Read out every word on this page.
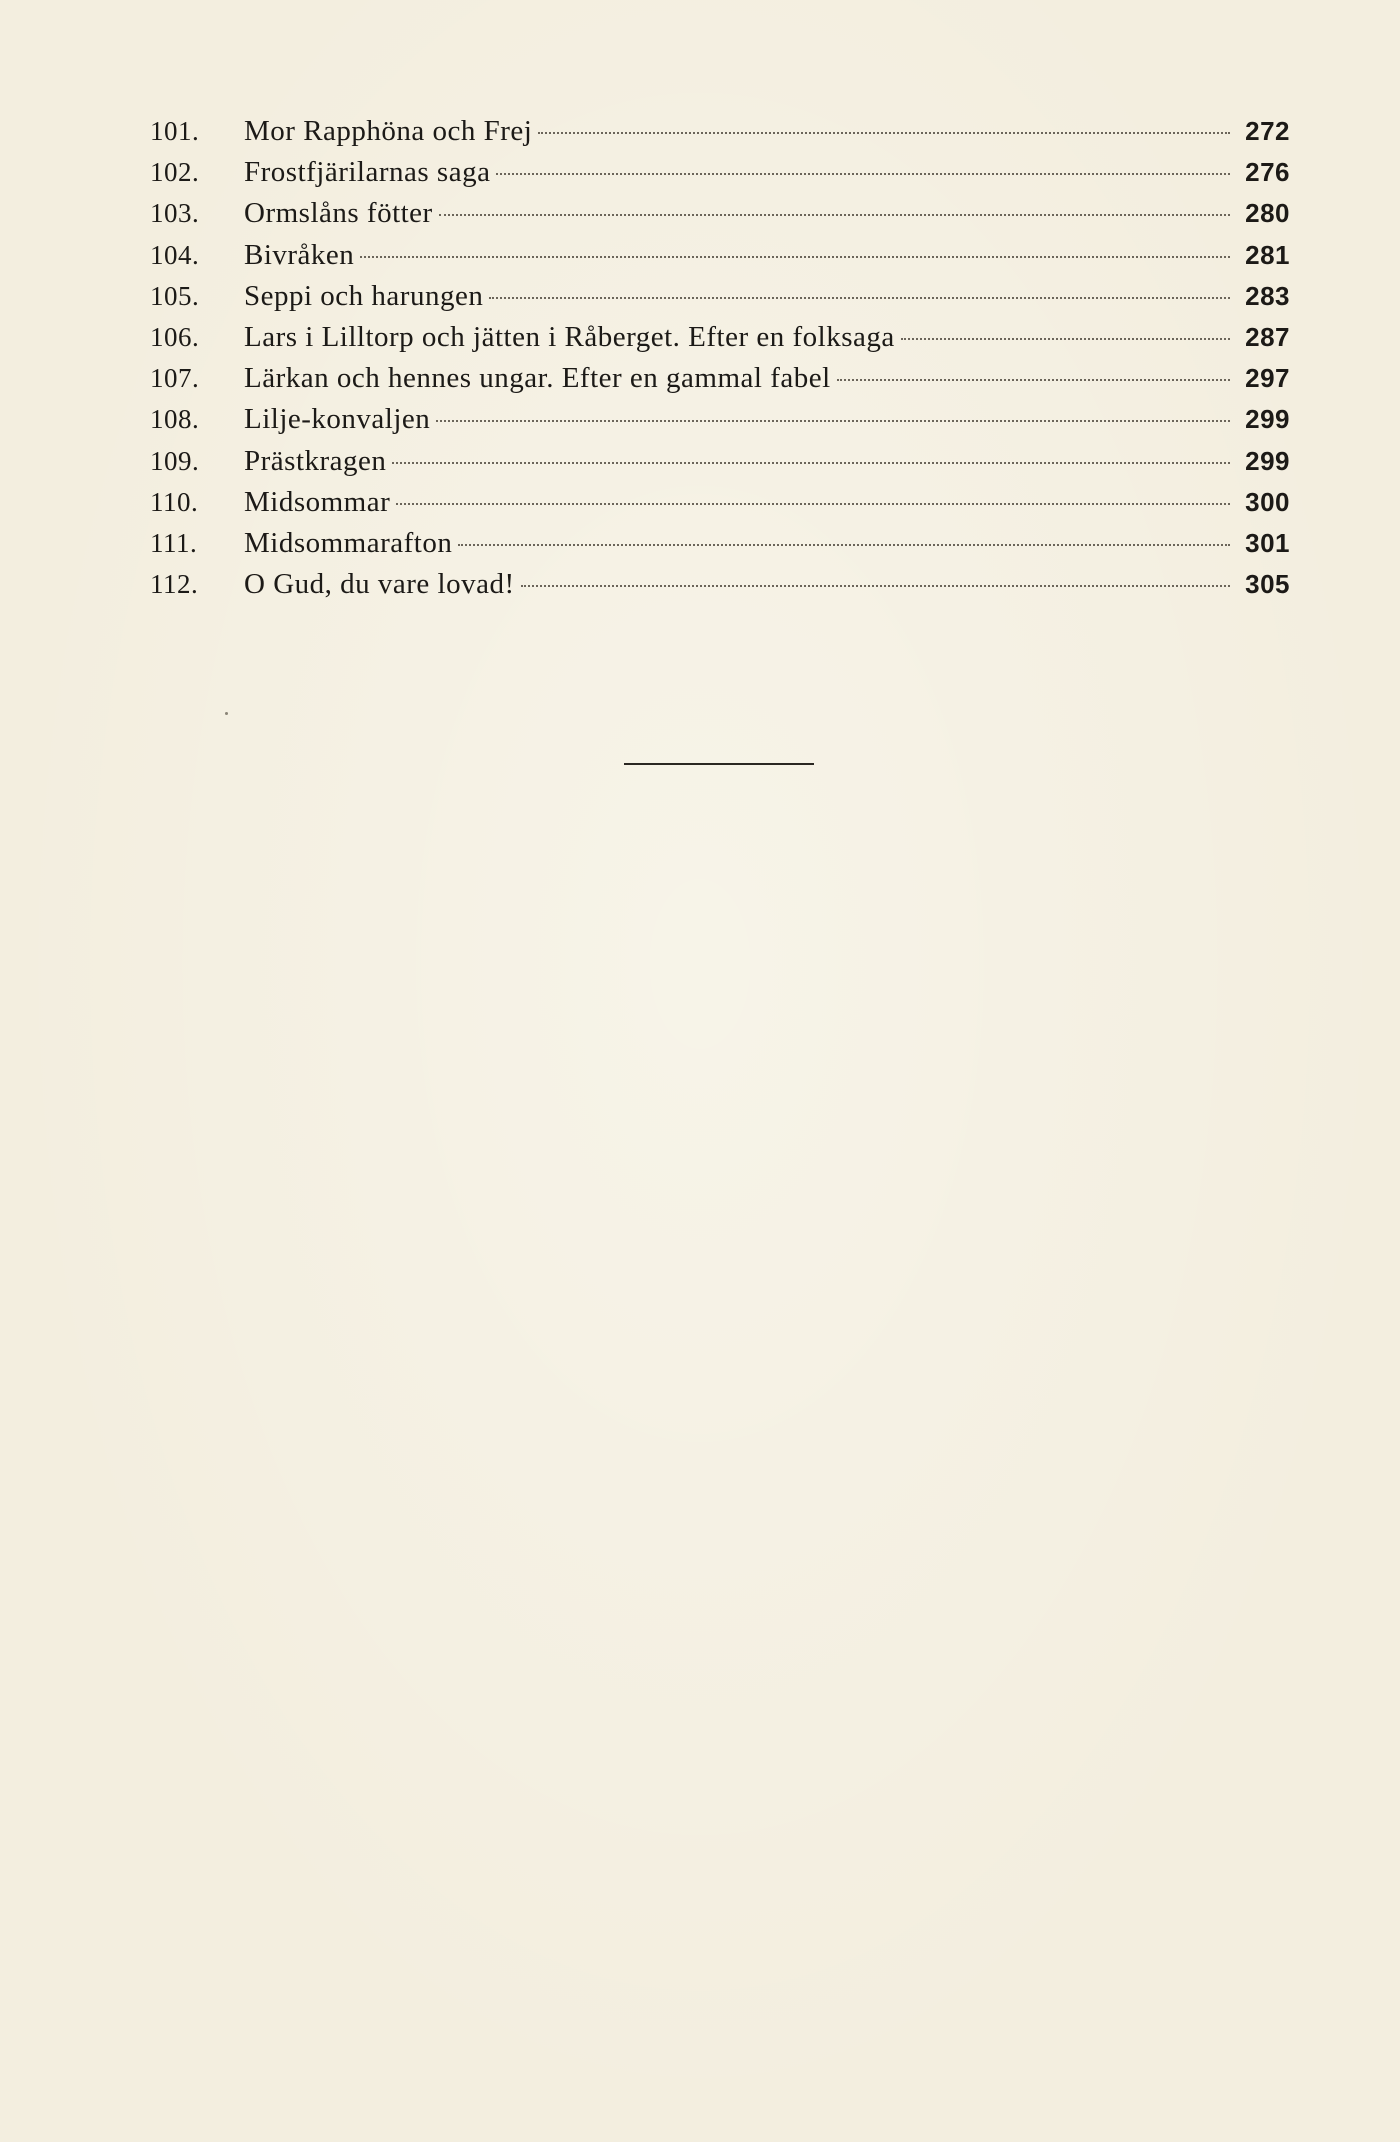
101.	Mor Rapphöna och Frej	272
102.	Frostfjärilarnas saga	276
103.	Ormslåns fötter	280
104.	Bivråken	281
105.	Seppi och harungen	283
106.	Lars i Lilltorp och jätten i Råberget. Efter en folksaga	287
107.	Lärkan och hennes ungar. Efter en gammal fabel	297
108.	Lilje-konvaljen	299
109.	Prästkragen	299
110.	Midsommar	300
111.	Midsommarafton	301
112.	O Gud, du vare lovad!	305
